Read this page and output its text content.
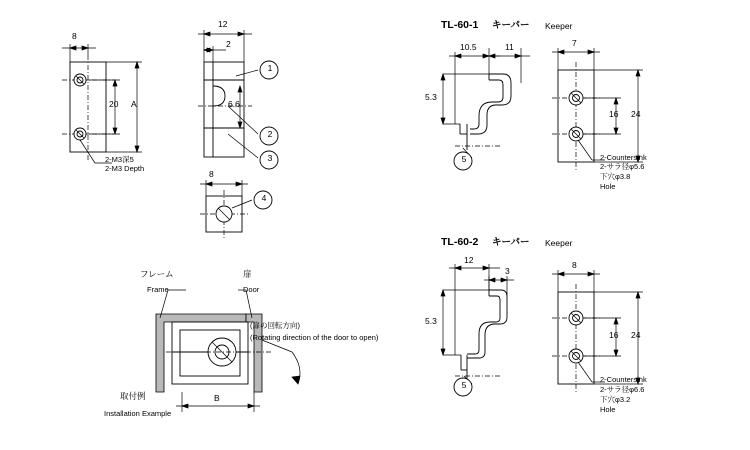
8
20 A
2-M3深5
2-M3 Depth
12
2
6.6
8
1
2
3
4
TL-60-1 キーパー Keeper
10.5	11
5.3
7
16 24
5	2-Countersink
2-サラ径φ5.6
下穴φ3.8
Hole
TL-60-2 キーパー Keeper
12
3
5.3
8
16 24
5
2-Countersink
2-サラ径φ6.6
下穴φ3.2
Hole
フレーム
Frame
扉
Door
(扉の回転方向)
(Rotating direction of the door to open)
B
取付例
Installation Example
